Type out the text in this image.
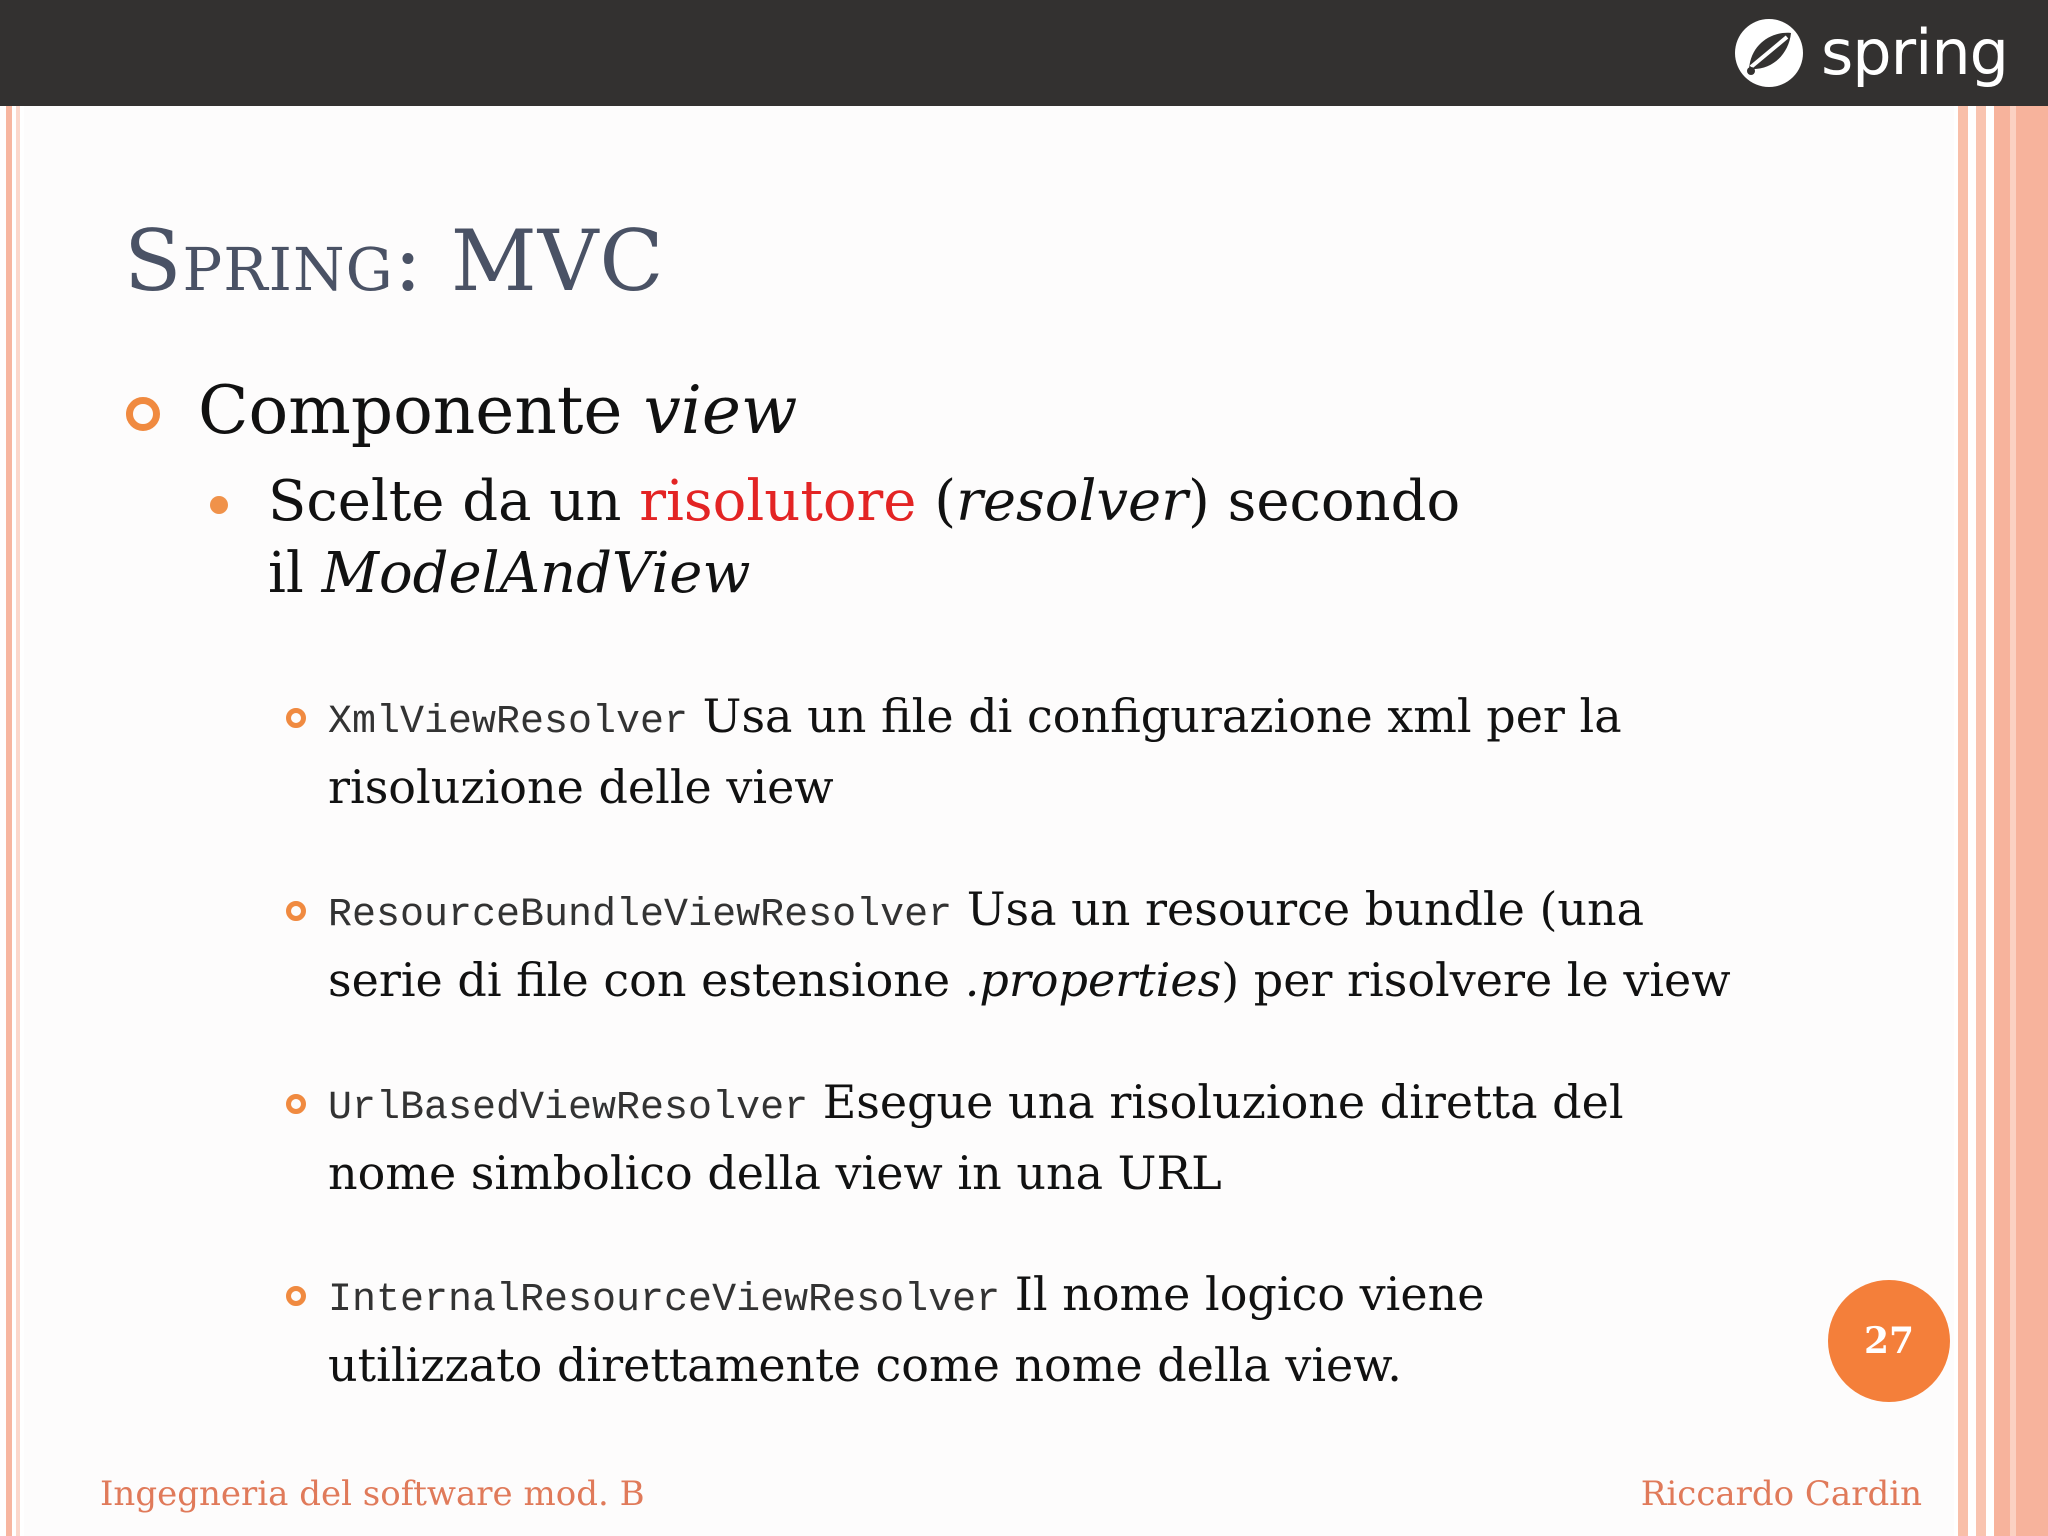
spring
Spring: MVC
Componente view
Scelte da un risolutore (resolver) secondo il ModelAndView
XmlViewResolver Usa un file di configurazione xml per la risoluzione delle view
ResourceBundleViewResolver Usa un resource bundle (una serie di file con estensione .properties) per risolvere le view
UrlBasedViewResolver Esegue una risoluzione diretta del nome simbolico della view in una URL
InternalResourceViewResolver Il nome logico viene utilizzato direttamente come nome della view.	27
Ingegneria del software mod. B	Riccardo Cardin
